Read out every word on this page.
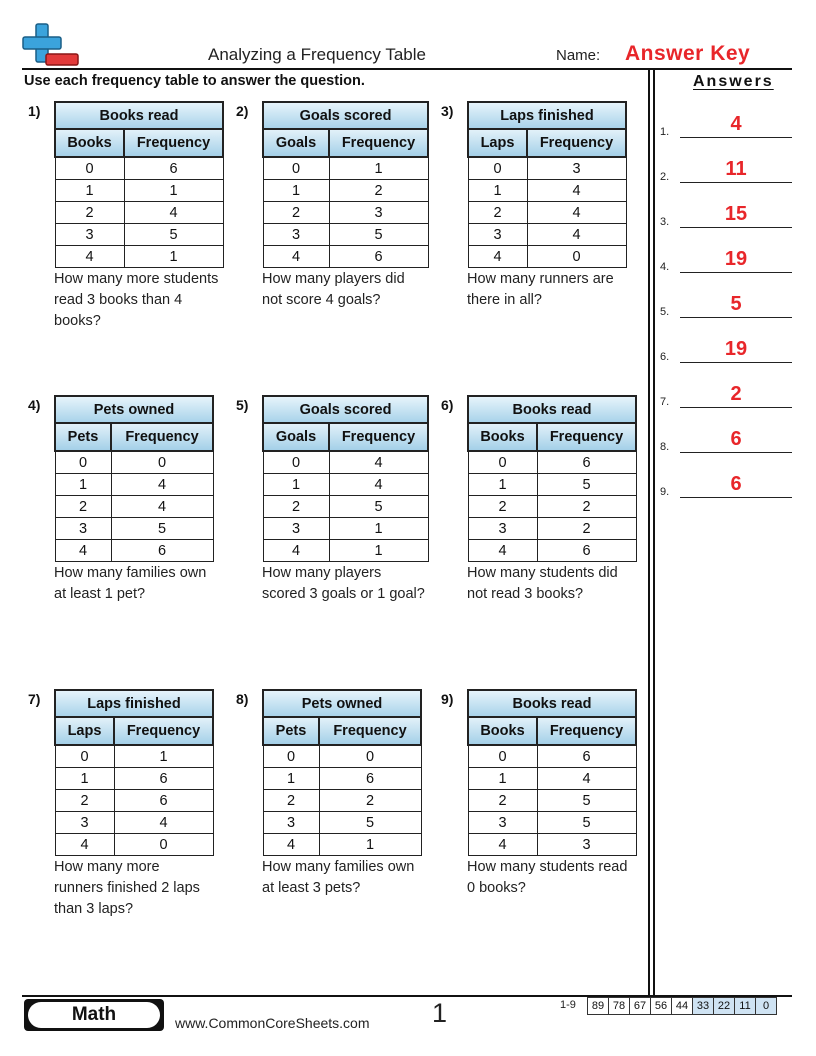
Analyzing a Frequency Table	Name: Answer Key
Use each frequency table to answer the question.
1)	Books read	
Books	Frequency
0	6
1	1
2	4
3	5
4	1
How many more students read 3 books than 4 books?
2)	Goals scored	
Goals	Frequency
0	1
1	2
2	3
3	5
4	6
How many players did not score 4 goals?
3)	Laps finished	
Laps	Frequency
0	3
1	4
2	4
3	4
4	0
How many runners are there in all?
4)	Pets owned	
Pets	Frequency
0	0
1	4
2	4
3	5
4	6
How many families own at least 1 pet?
5)	Goals scored	
Goals	Frequency
0	4
1	4
2	5
3	1
4	1
How many players scored 3 goals or 1 goal?
6)	Books read	
Books	Frequency
0	6
1	5
2	2
3	2
4	6
How many students did not read 3 books?
7)	Laps finished	
Laps	Frequency
0	1
1	6
2	6
3	4
4	0
How many more runners finished 2 laps than 3 laps?
8)	Pets owned	
Pets	Frequency
0	0
1	6
2	2
3	5
4	1
How many families own at least 3 pets?
9)	Books read	
Books	Frequency
0	6
1	4
2	5
3	5
4	3
How many students read 0 books?
Answers
1.	4
2.	11
3.	15
4.	19
5.	5
6.	19
7.	2
8.	6
9.	6
Math	www.CommonCoreSheets.com 1	1-9 89	78	67	56	44	33	22	11	0
